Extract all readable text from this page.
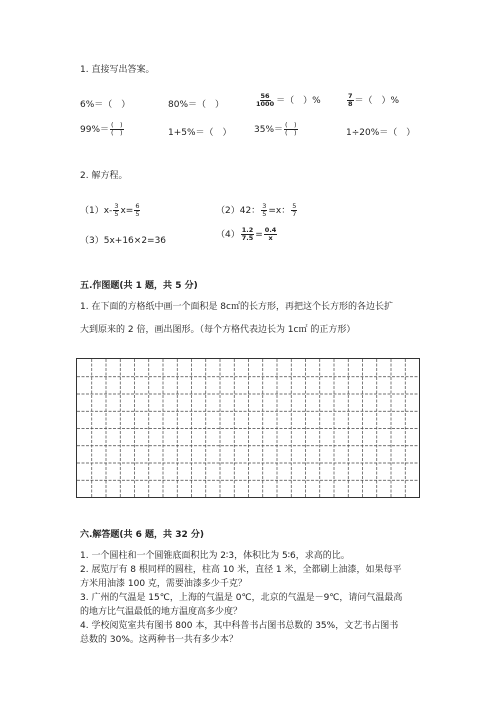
1. 直接写出答案。
6%＝（　）	80%＝（　）	$\frac{56}{1000}$ ＝（　）%	$\frac{7}{8}$ ＝（　）%
$99\%= \frac{( )}{( )}$	1+5%＝（　） $35\%= \frac{( )}{( )}$	1÷20%＝（　）
2. 解方程。
$(1)x- \frac{3}{5} x= \frac{6}{5}$	（2）42： $\frac{3}{5} =x$： $\frac{5}{7}$
（3）5x+16×2=36
$(4) \frac{1.2}{7.5} = \frac{0.4}{x}$
五.作图题(共 1 题，共 5 分)
1. 在下面的方格纸中画一个面积是 8c㎡的长方形，再把这个长方形的各边长扩
大到原来的 2 倍，画出图形。（每个方格代表边长为 1c㎡ 的正方形）
六.解答题(共 6 题，共 32 分)
1. 一个圆柱和一个圆锥底面积比为 2∶3，体积比为 5∶6，求高的比。
2. 展览厅有 8 根同样的圆柱，柱高 10 米，直径 1 米，全都刷上油漆，如果每平
方米用油漆 100 克，需要油漆多少千克？
3. 广州的气温是 15℃，上海的气温是 0℃，北京的气温是－9℃，请问气温最高
的地方比气温最低的地方温度高多少度？
4. 学校阅览室共有图书 800 本，其中科普书占图书总数的 35%，文艺书占图书
总数的 30%。这两种书一共有多少本？
